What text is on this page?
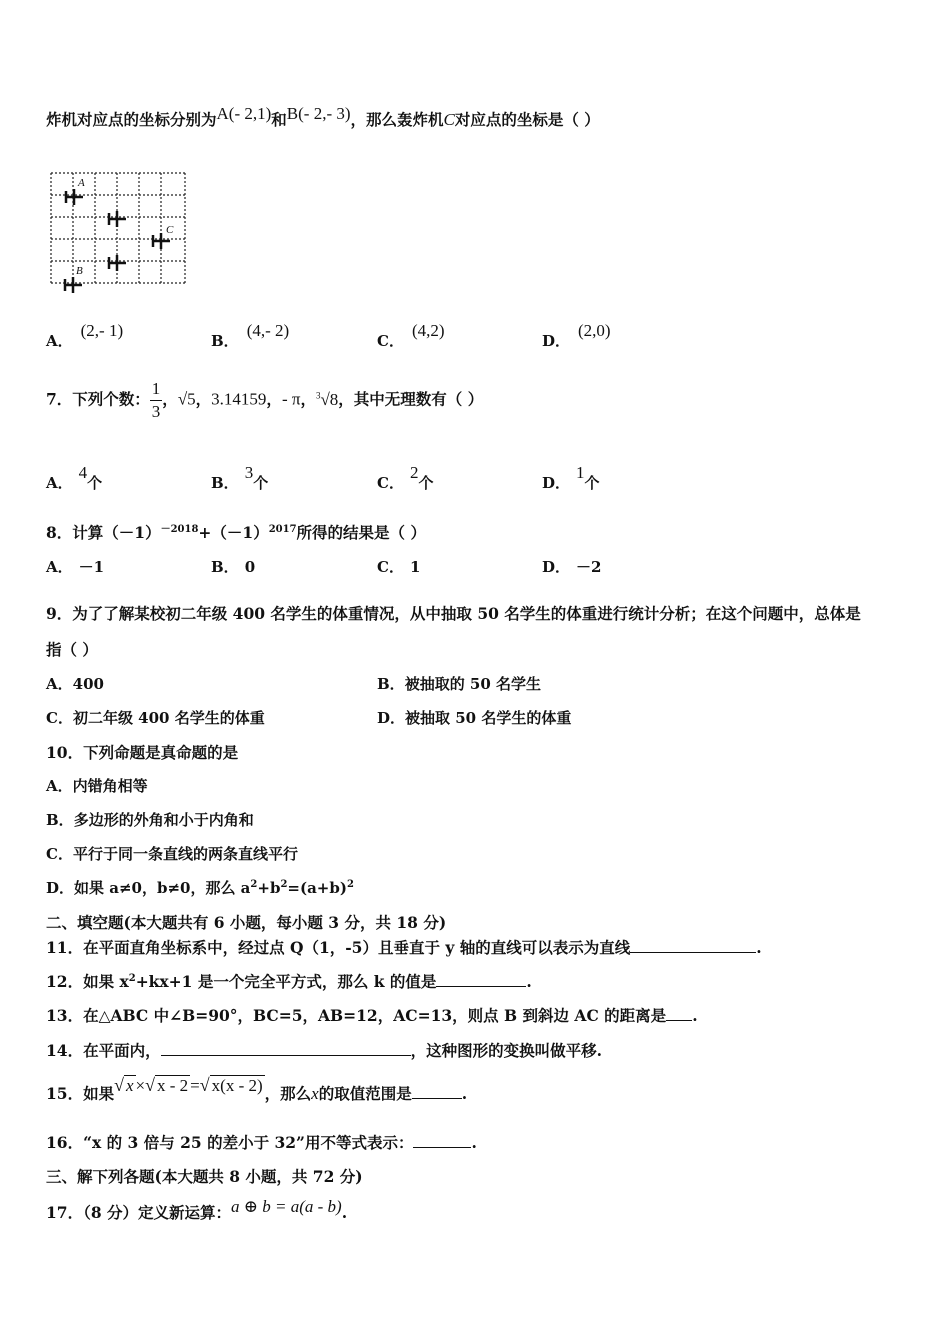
炸机对应点的坐标分别为A(- 2,1)和B(- 2,- 3)，那么轰炸机C对应点的坐标是（ ）
A
B
C
A．(2,- 1)
B．(4,- 2)
C．(4,2)
D．(2,0)
7．下列个数： $\frac{1}{3}$ ，√5，3.14159，- π，$^3$√8，其中无理数有（ ）
A．4个	B．3个	C．2个	D．1个
8．计算$(-1)^{-2018}+(-1)^{2017}$所得的结果是（ ）
A． －1	B． 0	C． 1	D． －2
9．为了了解某校初二年级 400 名学生的体重情况，从中抽取 50 名学生的体重进行统计分析；在这个问题中，总体是
指（ ）
A．400	B．被抽取的 50 名学生
C．初二年级 400 名学生的体重	D．被抽取 50 名学生的体重
10．下列命题是真命题的是
A．内错角相等
B．多边形的外角和小于内角和
C．平行于同一条直线的两条直线平行
D．如果 a≠0，b≠0，那么 $a^2+b^2=(a+b)^2$
二、填空题(本大题共有 6 小题，每小题 3 分，共 18 分)
11．在平面直角坐标系中，经过点 Q（1，-5）且垂直于 y 轴的直线可以表示为直线	.
12．如果 $x^2+kx+1$ 是一个完全平方式，那么 k 的值是	.
13．在△ABC 中∠B=90°，BC=5，AB=12，AC=13，则点 B 到斜边 AC 的距离是 .
14．在平面内，	，这种图形的变换叫做平移.
15．如果√ x ×√ x - 2 =√ x(x - 2) ，那么x的取值范围是	.
16．“x 的 3 倍与 25 的差小于 32”用不等式表示：	.
三、解下列各题(本大题共 8 小题，共 72 分)
17．（8 分）定义新运算：a ⊕ b = a(a - b).
